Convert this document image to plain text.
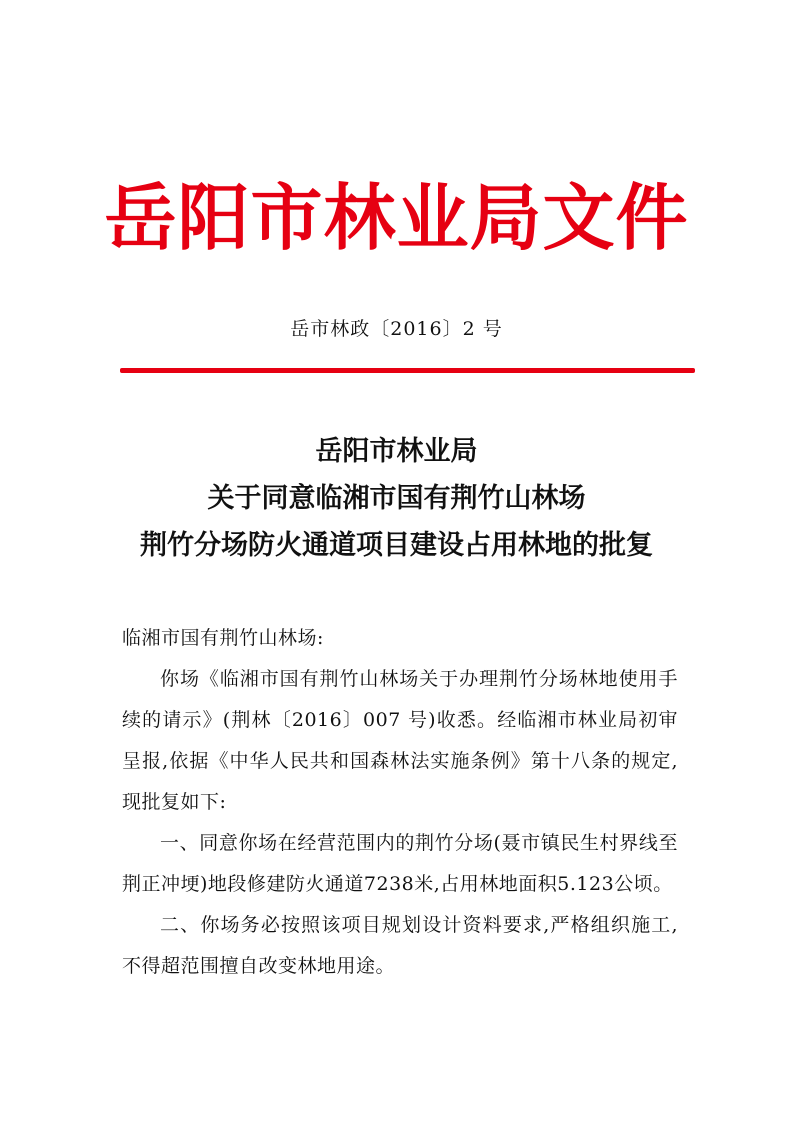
岳阳市林业局文件
岳市林政〔2016〕2 号
岳阳市林业局
关于同意临湘市国有荆竹山林场
荆竹分场防火通道项目建设占用林地的批复

临湘市国有荆竹山林场:

你场《临湘市国有荆竹山林场关于办理荆竹分场林地使用手续的请示》(荆林〔2016〕007 号)收悉。经临湘市林业局初审呈报,依据《中华人民共和国森林法实施条例》第十八条的规定,现批复如下:

一、同意你场在经营范围内的荆竹分场(聂市镇民生村界线至荆正冲埂)地段修建防火通道7238米,占用林地面积5.123公顷。

二、你场务必按照该项目规划设计资料要求,严格组织施工,不得超范围擅自改变林地用途。
